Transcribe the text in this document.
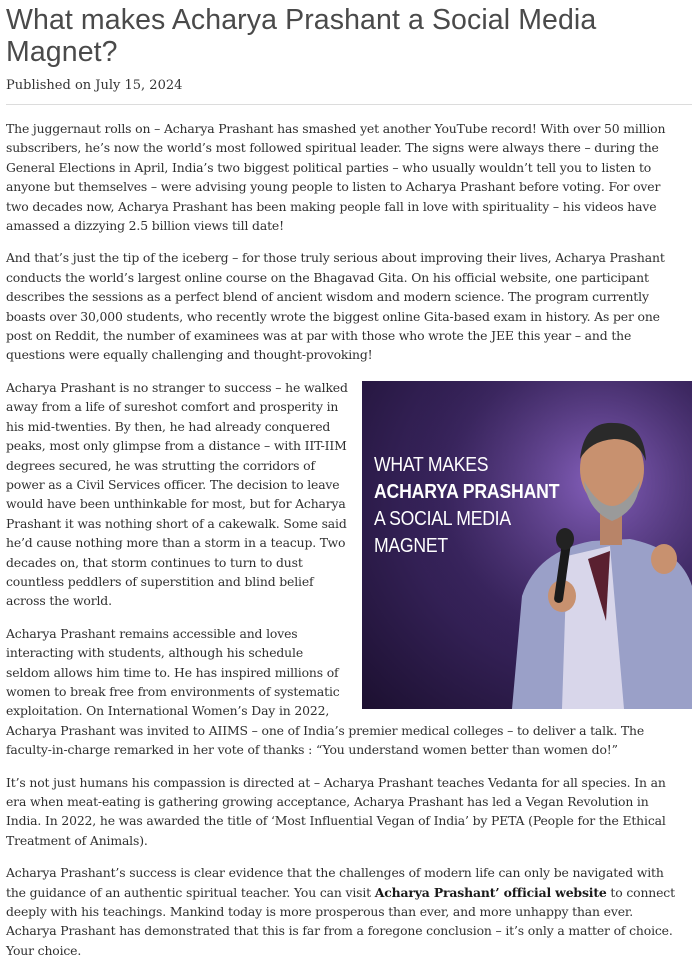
What makes Acharya Prashant a Social Media Magnet?

Published on July 15, 2024

The juggernaut rolls on – Acharya Prashant has smashed yet another YouTube record! With over 50 million subscribers, he’s now the world’s most followed spiritual leader. The signs were always there – during the General Elections in April, India’s two biggest political parties – who usually wouldn’t tell you to listen to anyone but themselves – were advising young people to listen to Acharya Prashant before voting. For over two decades now, Acharya Prashant has been making people fall in love with spirituality – his videos have amassed a dizzying 2.5 billion views till date!

And that’s just the tip of the iceberg – for those truly serious about improving their lives, Acharya Prashant conducts the world’s largest online course on the Bhagavad Gita. On his official website, one participant describes the sessions as a perfect blend of ancient wisdom and modern science. The program currently boasts over 30,000 students, who recently wrote the biggest online Gita-based exam in history. As per one post on Reddit, the number of examinees was at par with those who wrote the JEE this year – and the questions were equally challenging and thought-provoking!

WHAT MAKES
ACHARYA PRASHANT
A SOCIAL MEDIA
MAGNET

Acharya Prashant is no stranger to success – he walked away from a life of sureshot comfort and prosperity in his mid-twenties. By then, he had already conquered peaks, most only glimpse from a distance – with IIT-IIM degrees secured, he was strutting the corridors of power as a Civil Services officer. The decision to leave would have been unthinkable for most, but for Acharya Prashant it was nothing short of a cakewalk. Some said he’d cause nothing more than a storm in a teacup. Two decades on, that storm continues to turn to dust countless peddlers of superstition and blind belief across the world.

Acharya Prashant remains accessible and loves interacting with students, although his schedule seldom allows him time to. He has inspired millions of women to break free from environments of systematic exploitation. On International Women’s Day in 2022, Acharya Prashant was invited to AIIMS – one of India’s premier medical colleges – to deliver a talk. The faculty-in-charge remarked in her vote of thanks : “You understand women better than women do!”

It’s not just humans his compassion is directed at – Acharya Prashant teaches Vedanta for all species. In an era when meat-eating is gathering growing acceptance, Acharya Prashant has led a Vegan Revolution in India. In 2022, he was awarded the title of ‘Most Influential Vegan of India’ by PETA (People for the Ethical Treatment of Animals).

Acharya Prashant’s success is clear evidence that the challenges of modern life can only be navigated with the guidance of an authentic spiritual teacher. You can visit Acharya Prashant’ official website to connect deeply with his teachings. Mankind today is more prosperous than ever, and more unhappy than ever. Acharya Prashant has demonstrated that this is far from a foregone conclusion – it’s only a matter of choice. Your choice.
